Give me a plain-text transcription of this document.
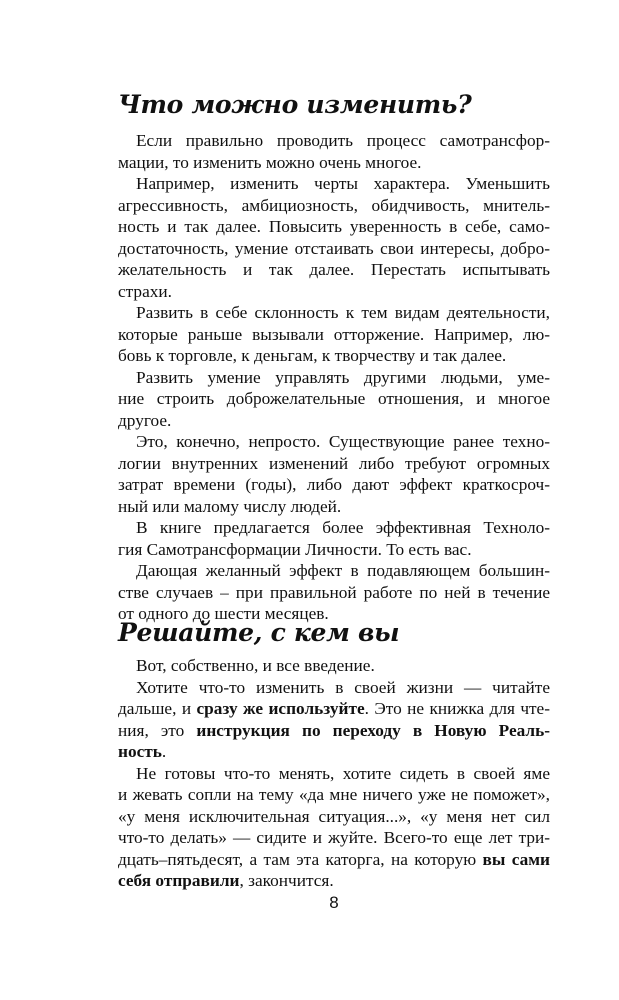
Что можно изменить?

Если правильно проводить процесс самотрансфор-
мации, то изменить можно очень многое.

Например, изменить черты характера. Уменьшить
агрессивность, амбициозность, обидчивость, мнитель-
ность и так далее. Повысить уверенность в себе, само-
достаточность, умение отстаивать свои интересы, добро-
желательность и так далее. Перестать испытывать
страхи.

Развить в себе склонность к тем видам деятельности,
которые раньше вызывали отторжение. Например, лю-
бовь к торговле, к деньгам, к творчеству и так далее.

Развить умение управлять другими людьми, уме-
ние строить доброжелательные отношения, и многое
другое.

Это, конечно, непросто. Существующие ранее техно-
логии внутренних изменений либо требуют огромных
затрат времени (годы), либо дают эффект краткосроч-
ный или малому числу людей.

В книге предлагается более эффективная Техноло-
гия Самотрансформации Личности. То есть вас.

Дающая желанный эффект в подавляющем большин-
стве случаев – при правильной работе по ней в течение
от одного до шести месяцев.

Решайте, с кем вы

Вот, собственно, и все введение.

Хотите что-то изменить в своей жизни — читайте
дальше, и сразу же используйте. Это не книжка для чте-
ния, это инструкция по переходу в Новую Реаль-
ность.

Не готовы что-то менять, хотите сидеть в своей яме
и жевать сопли на тему «да мне ничего уже не поможет»,
«у меня исключительная ситуация...», «у меня нет сил
что-то делать» — сидите и жуйте. Всего-то еще лет три-
дцать–пятьдесят, а там эта каторга, на которую вы сами
себя отправили, закончится.

8
